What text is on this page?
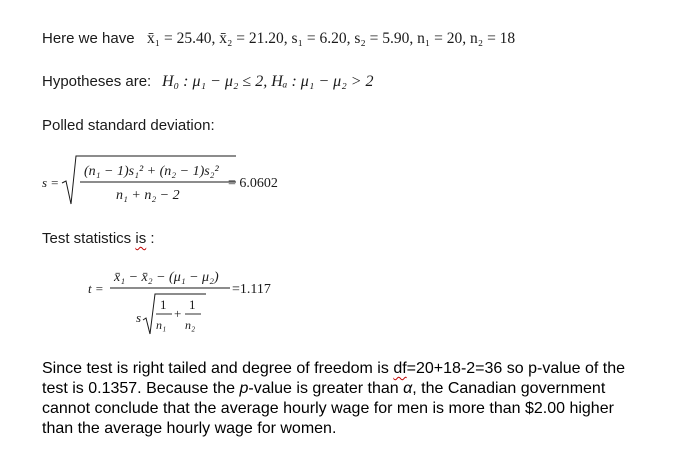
Here we have x̄₁ = 25.40, x̄₂ = 21.20, s₁ = 6.20, s₂ = 5.90, n₁ = 20, n₂ = 18
Hypotheses are: H₀ : μ₁ − μ₂ ≤ 2, Hₐ : μ₁ − μ₂ > 2
Polled standard deviation:
s =
(n₁ − 1)s₁² + (n₂ − 1)s₂²
n₁ + n₂ − 2
= 6.0602
Test statistics is :
t =
x̄₁ − x̄₂ − (μ₁ − μ₂)
s
1
n₁
+
1
n₂
=1.117
Since test is right tailed and degree of freedom is df=20+18-2=36 so p-value of the test is 0.1357. Because the p-value is greater than α, the Canadian government cannot conclude that the average hourly wage for men is more than $2.00 higher than the average hourly wage for women.
